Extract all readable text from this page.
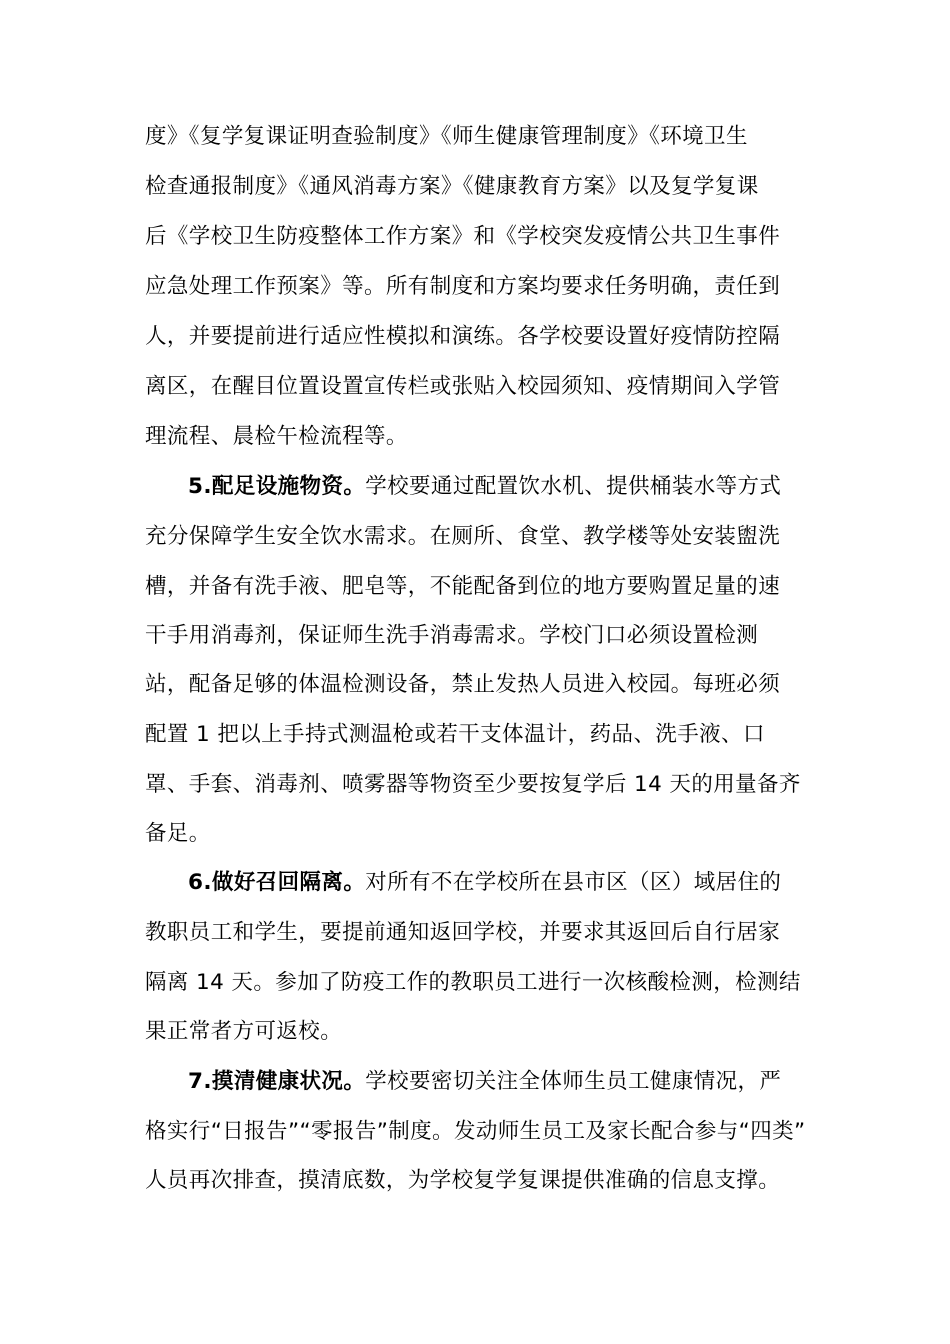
度》《复学复课证明查验制度》《师生健康管理制度》《环境卫生
检查通报制度》《通风消毒方案》《健康教育方案》以及复学复课
后《学校卫生防疫整体工作方案》和《学校突发疫情公共卫生事件
应急处理工作预案》等。所有制度和方案均要求任务明确，责任到
人，并要提前进行适应性模拟和演练。各学校要设置好疫情防控隔
离区，在醒目位置设置宣传栏或张贴入校园须知、疫情期间入学管
理流程、晨检午检流程等。
5.配足设施物资。学校要通过配置饮水机、提供桶装水等方式
充分保障学生安全饮水需求。在厕所、食堂、教学楼等处安装盥洗
槽，并备有洗手液、肥皂等，不能配备到位的地方要购置足量的速
干手用消毒剂，保证师生洗手消毒需求。学校门口必须设置检测
站，配备足够的体温检测设备，禁止发热人员进入校园。每班必须
配置 1 把以上手持式测温枪或若干支体温计，药品、洗手液、口
罩、手套、消毒剂、喷雾器等物资至少要按复学后 14 天的用量备齐
备足。
6.做好召回隔离。对所有不在学校所在县市区（区）域居住的
教职员工和学生，要提前通知返回学校，并要求其返回后自行居家
隔离 14 天。参加了防疫工作的教职员工进行一次核酸检测，检测结
果正常者方可返校。
7.摸清健康状况。学校要密切关注全体师生员工健康情况，严
格实行“日报告”“零报告”制度。发动师生员工及家长配合参与“四类”
人员再次排查，摸清底数，为学校复学复课提供准确的信息支撑。
